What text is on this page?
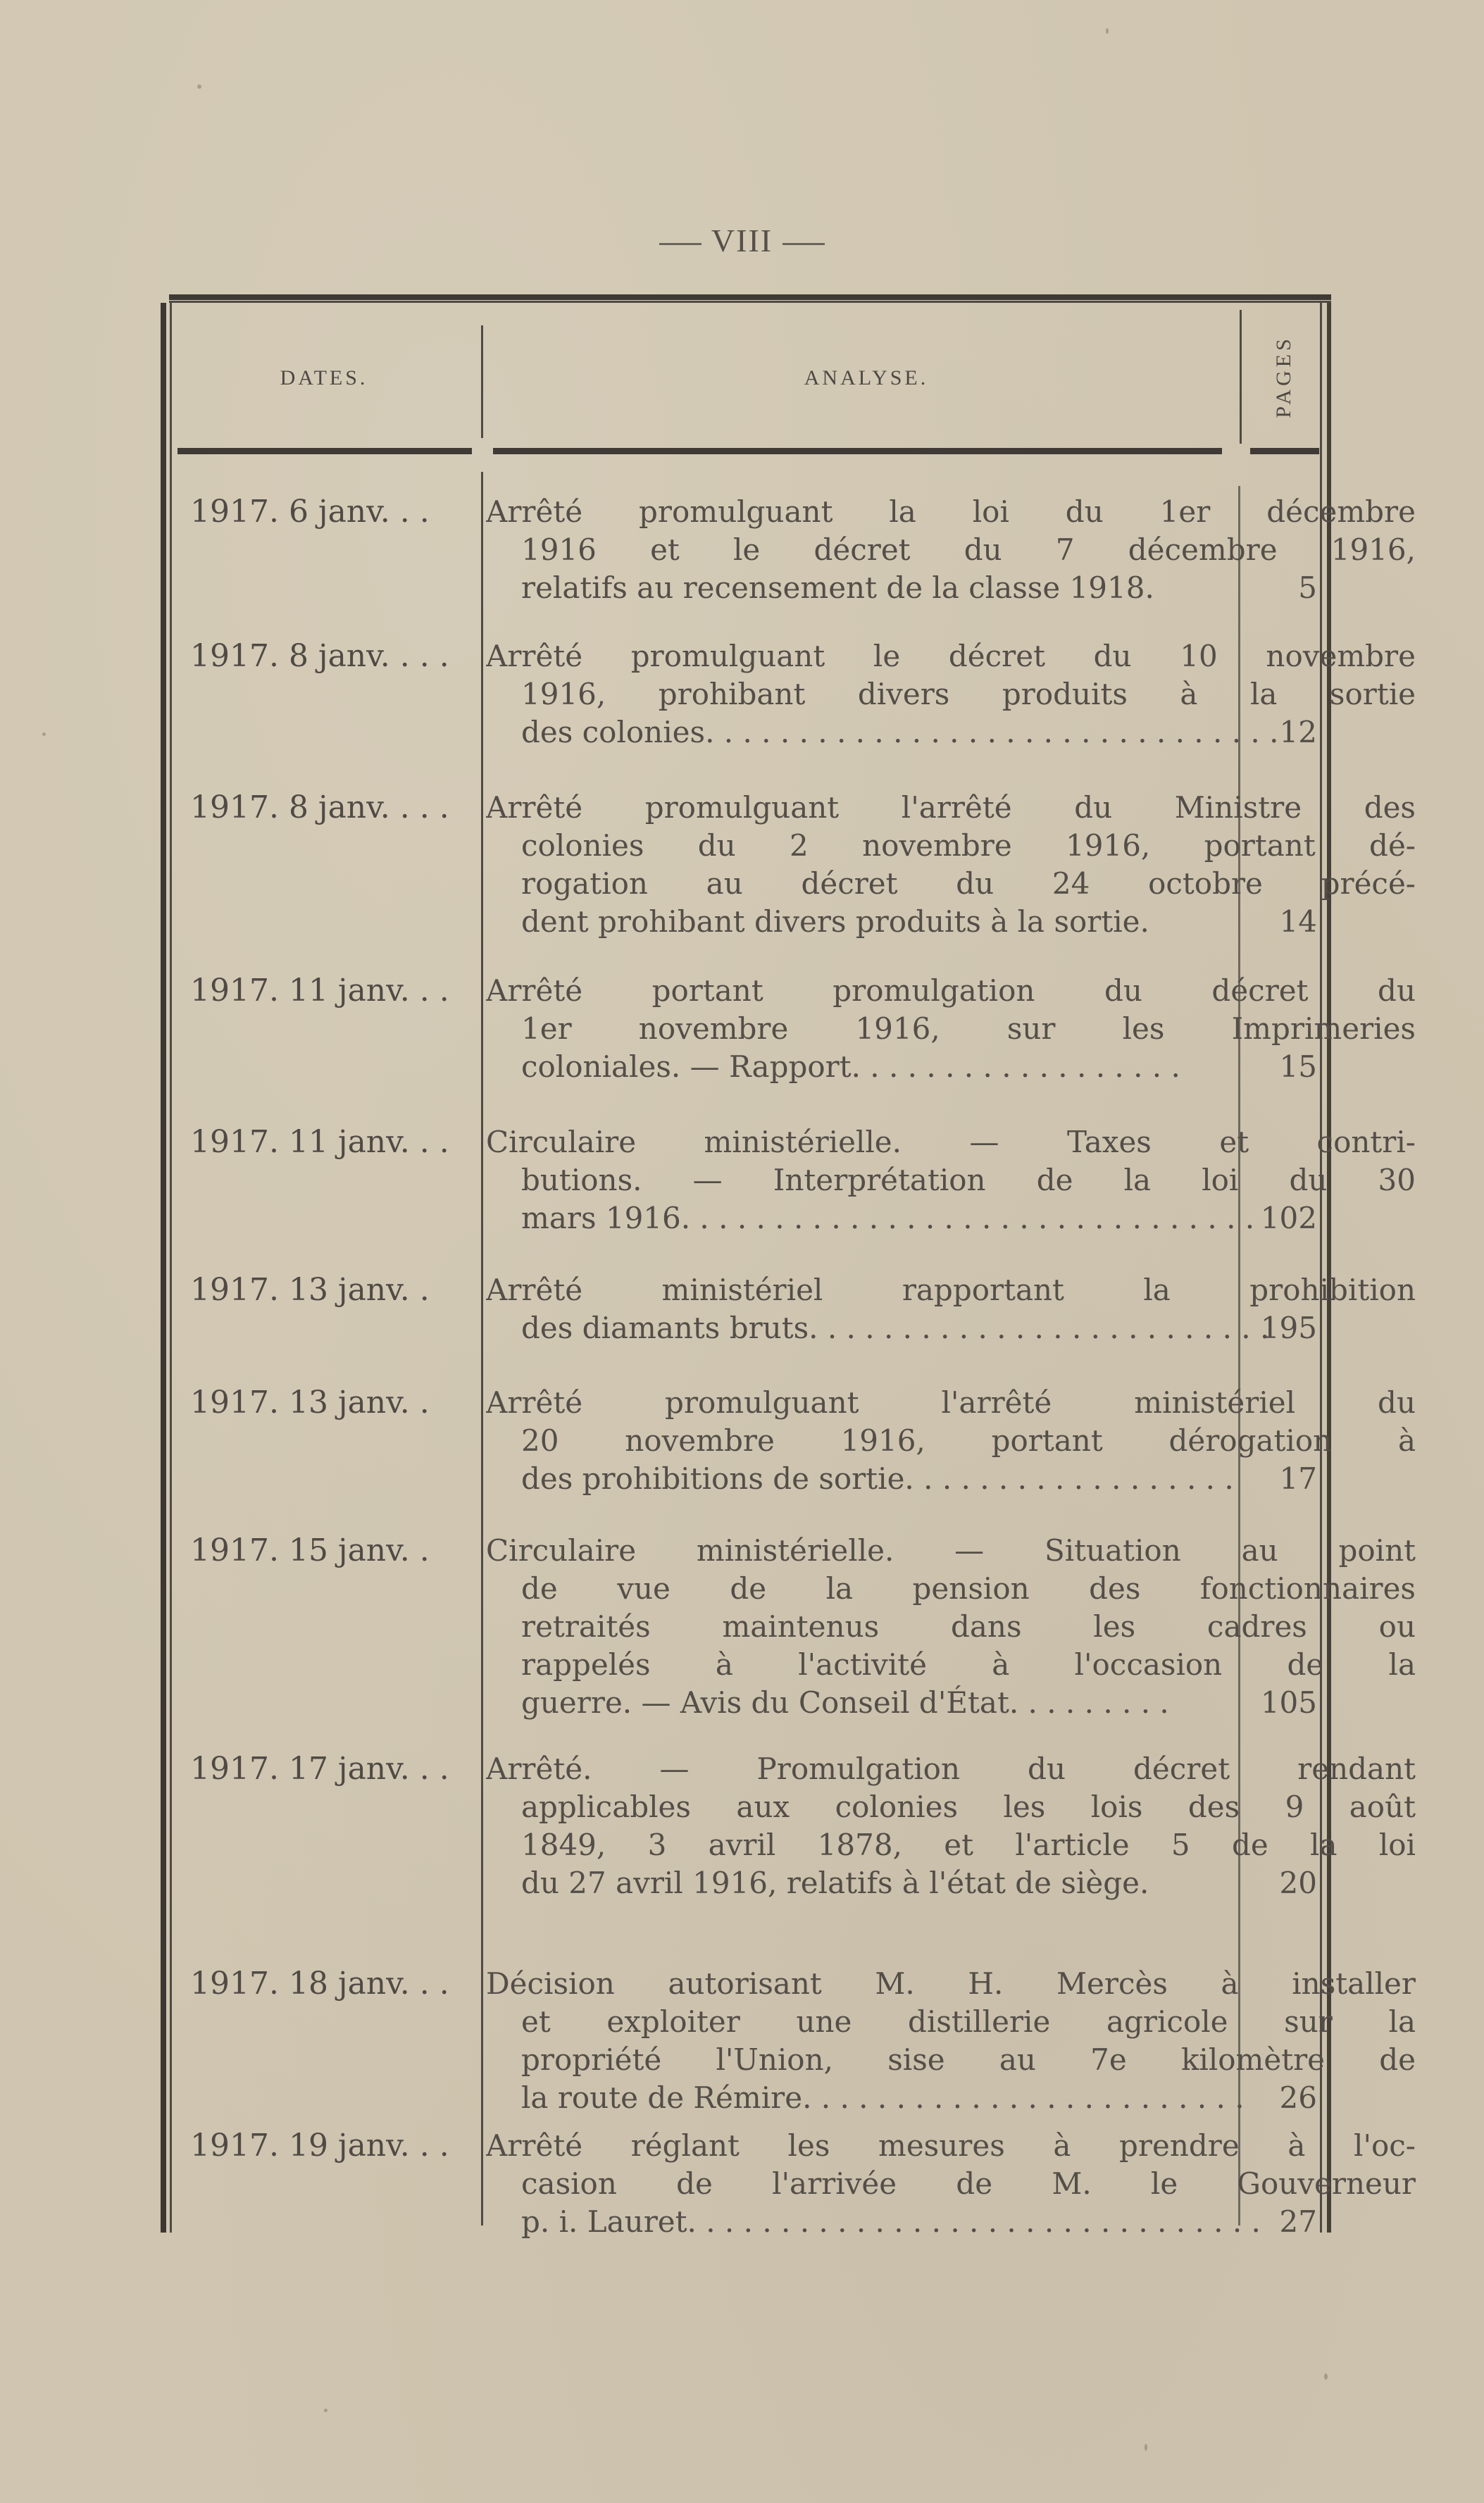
VIII
DATES.	ANALYSE.	PAGES
1917. 6 janv. . . Arrêté promulguant la loi du 1er décembre
1916 et le décret du 7 décembre 1916,
relatifs au recensement de la classe 1918.	5
1917. 8 janv. . . . Arrêté promulguant le décret du 10 novembre
1916, prohibant divers produits à la sortie
des colonies. . . . . . . . . . . . . . . . . . . . . . . . . . . . . . . 12
1917. 8 janv. . . . Arrêté promulguant l'arrêté du Ministre des
colonies du 2 novembre 1916, portant dé-
rogation au décret du 24 octobre précé-
dent prohibant divers produits à la sortie.	14
1917. 11 janv. . . Arrêté portant promulgation du décret du
1er novembre 1916, sur les Imprimeries
coloniales. — Rapport. . . . . . . . . . . . . . . . . .	15
1917. 11 janv. . . Circulaire ministérielle. — Taxes et contri-
butions. — Interprétation de la loi du 30
mars 1916. . . . . . . . . . . . . . . . . . . . . . . . . . . . . . . 102
1917. 13 janv. . Arrêté ministériel rapportant la prohibition
des diamants bruts. . . . . . . . . . . . . . . . . . . . . . . . .
195
1917. 13 janv. . Arrêté promulguant l'arrêté ministériel du
20 novembre 1916, portant dérogation à
des prohibitions de sortie. . . . . . . . . . . . . . . . . .	17
1917. 15 janv. . Circulaire ministérielle. — Situation au point
de vue de la pension des fonctionnaires
retraités maintenus dans les cadres ou
rappelés à l'activité à l'occasion de la
guerre. — Avis du Conseil d'État. . . . . . . . .	105
1917. 17 janv. . . Arrêté. — Promulgation du décret rendant
applicables aux colonies les lois des 9 août
1849, 3 avril 1878, et l'article 5 de la loi
du 27 avril 1916, relatifs à l'état de siège.	20
1917. 18 janv. . . Décision autorisant M. H. Mercès à installer
et exploiter une distillerie agricole sur la
propriété l'Union, sise au 7e kilomètre de
la route de Rémire. . . . . . . . . . . . . . . . . . . . . . . .	26
1917. 19 janv. . . Arrêté réglant les mesures à prendre à l'oc-
casion de l'arrivée de M. le Gouverneur
p. i. Lauret. . . . . . . . . . . . . . . . . . . . . . . . . . . . . . . 27
